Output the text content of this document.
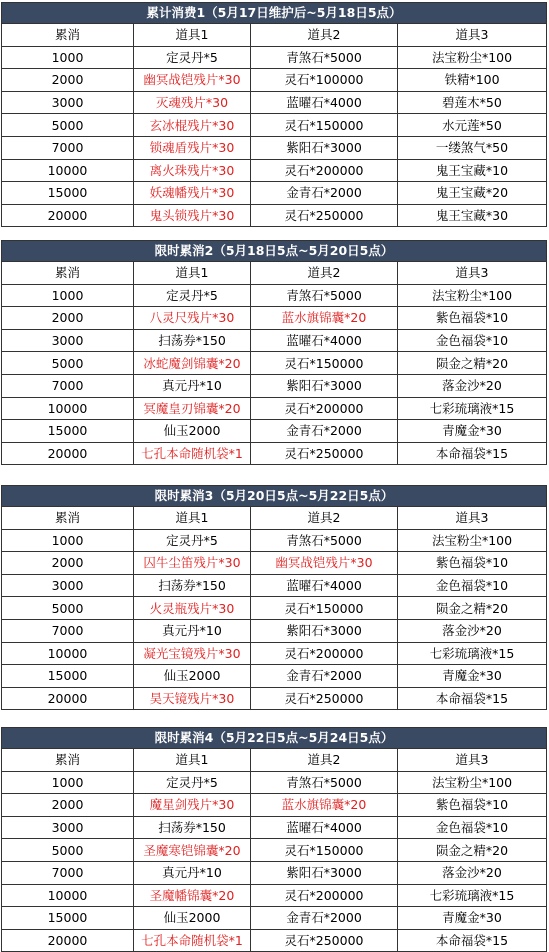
累计消费1（5月17日维护后~5月18日5点）			
累消	道具1	道具2	道具3
1000	定灵丹*5	青煞石*5000	法宝粉尘*100
2000	幽冥战铠残片*30	灵石*100000	铁精*100
3000	灭魂残片*30	蓝曜石*4000	碧莲木*50
5000	玄冰棍残片*30	灵石*150000	水元莲*50
7000	锁魂盾残片*30	紫阳石*3000	一缕煞气*50
10000	离火珠残片*30	灵石*200000	鬼王宝藏*10
15000	妖魂幡残片*30	金青石*2000	鬼王宝藏*20
20000	鬼头锁残片*30	灵石*250000	鬼王宝藏*30
限时累消2（5月18日5点~5月20日5点）			
累消	道具1	道具2	道具3
1000	定灵丹*5	青煞石*5000	法宝粉尘*100
2000	八灵尺残片*30	蓝水旗锦囊*20	紫色福袋*10
3000	扫荡券*150	蓝曜石*4000	金色福袋*10
5000	冰蛇魔剑锦囊*20	灵石*150000	陨金之精*20
7000	真元丹*10	紫阳石*3000	落金沙*20
10000	冥魔皇刃锦囊*20	灵石*200000	七彩琉璃液*15
15000	仙玉2000	金青石*2000	青魔金*30
20000	七孔本命随机袋*1	灵石*250000	本命福袋*15
限时累消3（5月20日5点~5月22日5点）			
累消	道具1	道具2	道具3
1000	定灵丹*5	青煞石*5000	法宝粉尘*100
2000	囚牛尘笛残片*30	幽冥战铠残片*30	紫色福袋*10
3000	扫荡券*150	蓝曜石*4000	金色福袋*10
5000	火灵瓶残片*30	灵石*150000	陨金之精*20
7000	真元丹*10	紫阳石*3000	落金沙*20
10000	凝光宝镜残片*30	灵石*200000	七彩琉璃液*15
15000	仙玉2000	金青石*2000	青魔金*30
20000	昊天镜残片*30	灵石*250000	本命福袋*15
限时累消4（5月22日5点~5月24日5点）			
累消	道具1	道具2	道具3
1000	定灵丹*5	青煞石*5000	法宝粉尘*100
2000	魔星剑残片*30	蓝水旗锦囊*20	紫色福袋*10
3000	扫荡券*150	蓝曜石*4000	金色福袋*10
5000	圣魔寒铠锦囊*20	灵石*150000	陨金之精*20
7000	真元丹*10	紫阳石*3000	落金沙*20
10000	圣魔幡锦囊*20	灵石*200000	七彩琉璃液*15
15000	仙玉2000	金青石*2000	青魔金*30
20000	七孔本命随机袋*1	灵石*250000	本命福袋*15
